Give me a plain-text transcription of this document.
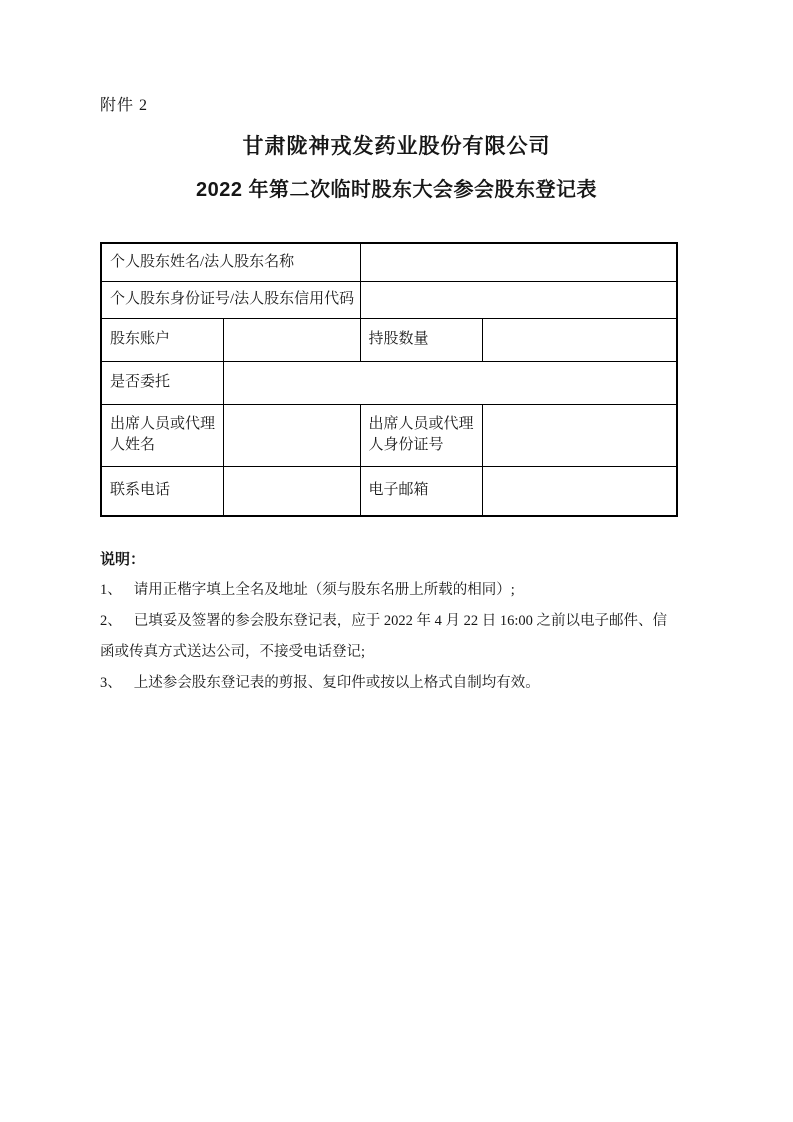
附件 2
甘肃陇神戎发药业股份有限公司
2022 年第二次临时股东大会参会股东登记表
个人股东姓名/法人股东名称			
个人股东身份证号/法人股东信用代码			
股东账户		持股数量	
是否委托			
出席人员或代理人姓名		出席人员或代理人身份证号	
联系电话		电子邮箱	
说明：

1、 请用正楷字填上全名及地址（须与股东名册上所载的相同）;

2、 已填妥及签署的参会股东登记表，应于 2022 年 4 月 22 日 16:00 之前以电子邮件、信函或传真方式送达公司，不接受电话登记;

3、 上述参会股东登记表的剪报、复印件或按以上格式自制均有效。
